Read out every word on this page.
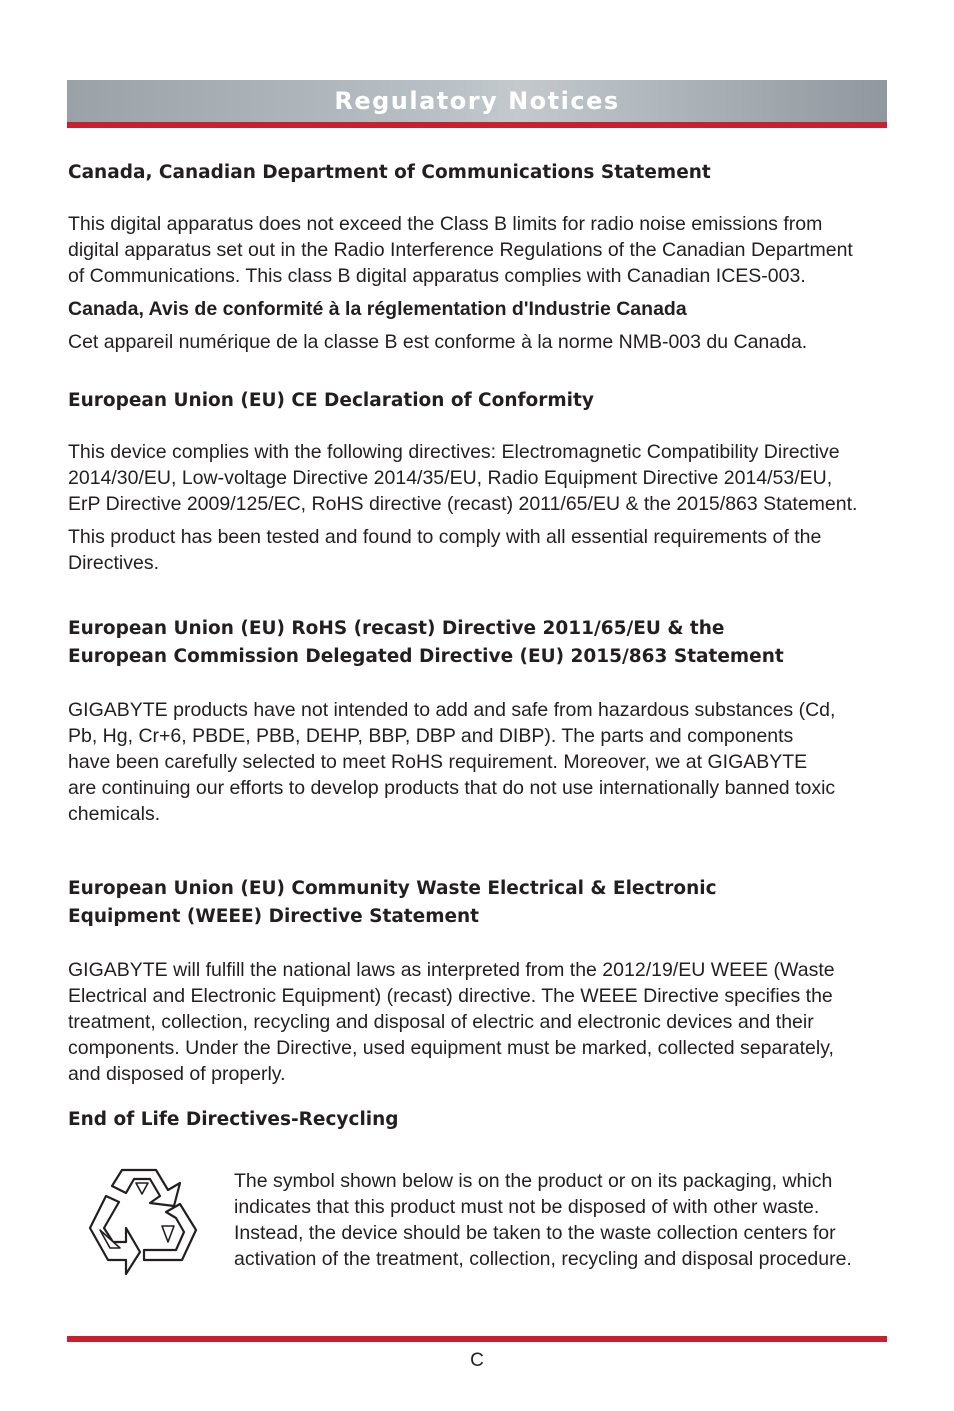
Regulatory Notices
Canada, Canadian Department of Communications Statement

This digital apparatus does not exceed the Class B limits for radio noise emissions from

digital apparatus set out in the Radio Interference Regulations of the Canadian Department

of Communications. This class B digital apparatus complies with Canadian ICES-003.

Canada, Avis de conformité à la réglementation d'Industrie Canada

Cet appareil numérique de la classe B est conforme à la norme NMB-003 du Canada.

European Union (EU) CE Declaration of Conformity

This device complies with the following directives: Electromagnetic Compatibility Directive

2014/30/EU, Low-voltage Directive 2014/35/EU, Radio Equipment Directive 2014/53/EU,

ErP Directive 2009/125/EC, RoHS directive (recast) 2011/65/EU & the 2015/863 Statement.

This product has been tested and found to comply with all essential requirements of the

Directives.

European Union (EU) RoHS (recast) Directive 2011/65/EU & the
European Commission Delegated Directive (EU) 2015/863 Statement

GIGABYTE products have not intended to add and safe from hazardous substances (Cd,

Pb, Hg, Cr+6, PBDE, PBB, DEHP, BBP, DBP and DIBP). The parts and components

have been carefully selected to meet RoHS requirement. Moreover, we at GIGABYTE

are continuing our efforts to develop products that do not use internationally banned toxic

chemicals.

European Union (EU) Community Waste Electrical & Electronic
Equipment (WEEE) Directive Statement

GIGABYTE will fulfill the national laws as interpreted from the 2012/19/EU WEEE (Waste

Electrical and Electronic Equipment) (recast) directive. The WEEE Directive specifies the

treatment, collection, recycling and disposal of electric and electronic devices and their

components. Under the Directive, used equipment must be marked, collected separately,

and disposed of properly.

End of Life Directives-Recycling

The symbol shown below is on the product or on its packaging, which

indicates that this product must not be disposed of with other waste.

Instead, the device should be taken to the waste collection centers for

activation of the treatment, collection, recycling and disposal procedure.

C
